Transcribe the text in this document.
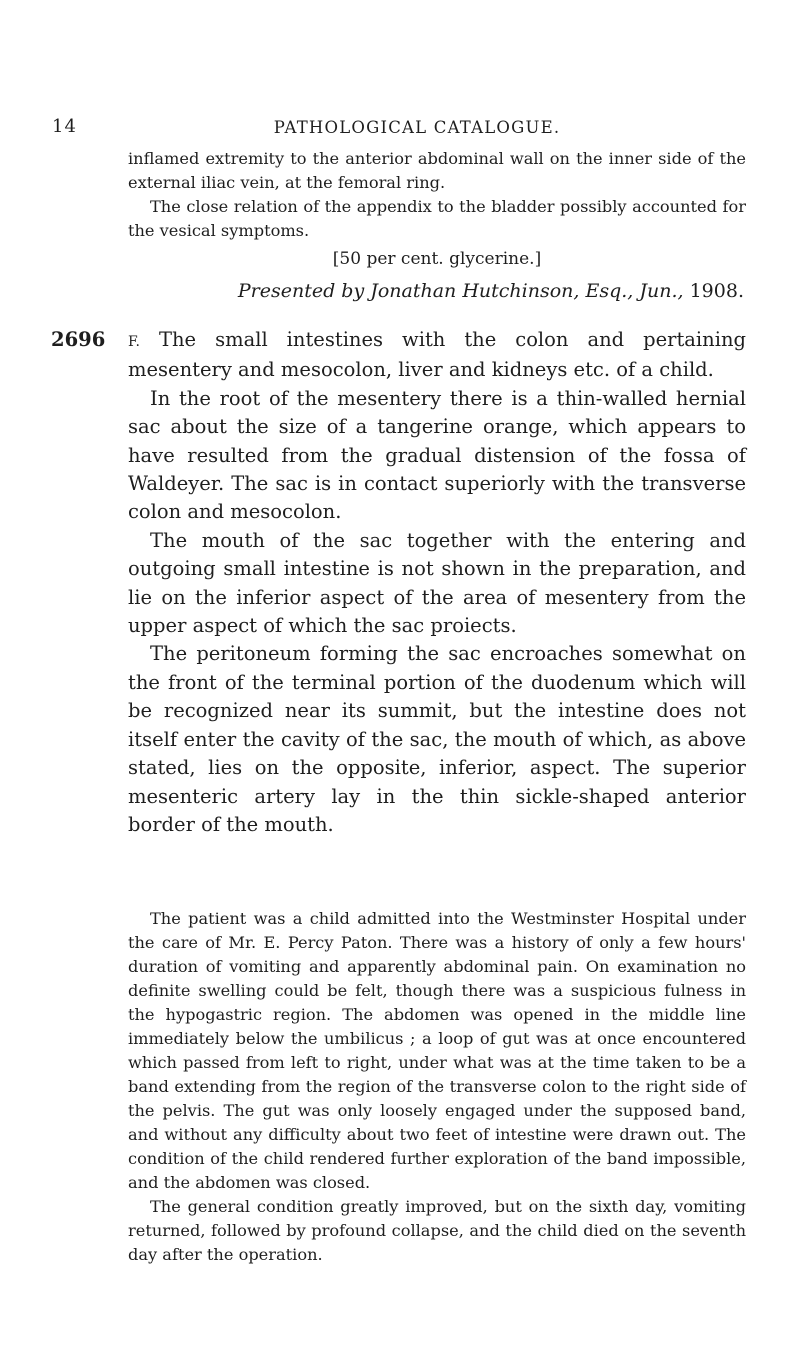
14	PATHOLOGICAL CATALOGUE.

inflamed extremity to the anterior abdominal wall on the inner side of the external iliac vein, at the femoral ring.

The close relation of the appendix to the bladder possibly accounted for the vesical symptoms.

[50 per cent. glycerine.]

Presented by Jonathan Hutchinson, Esq., Jun., 1908.

2696 F. The small intestines with the colon and pertaining mesentery and mesocolon, liver and kidneys etc. of a child.

In the root of the mesentery there is a thin-walled hernial sac about the size of a tangerine orange, which appears to have resulted from the gradual distension of the fossa of Waldeyer. The sac is in contact superiorly with the transverse colon and mesocolon.

The mouth of the sac together with the entering and outgoing small intestine is not shown in the preparation, and lie on the inferior aspect of the area of mesentery from the upper aspect of which the sac proiects.

The peritoneum forming the sac encroaches somewhat on the front of the terminal portion of the duodenum which will be recognized near its summit, but the intestine does not itself enter the cavity of the sac, the mouth of which, as above stated, lies on the opposite, inferior, aspect. The superior mesenteric artery lay in the thin sickle-shaped anterior border of the mouth.

The patient was a child admitted into the Westminster Hospital under the care of Mr. E. Percy Paton. There was a history of only a few hours' duration of vomiting and apparently abdominal pain. On examination no definite swelling could be felt, though there was a suspicious fulness in the hypogastric region. The abdomen was opened in the middle line immediately below the umbilicus ; a loop of gut was at once encountered which passed from left to right, under what was at the time taken to be a band extending from the region of the transverse colon to the right side of the pelvis. The gut was only loosely engaged under the supposed band, and without any difficulty about two feet of intestine were drawn out. The condition of the child rendered further exploration of the band impossible, and the abdomen was closed.

The general condition greatly improved, but on the sixth day, vomiting returned, followed by profound collapse, and the child died on the seventh day after the operation.
